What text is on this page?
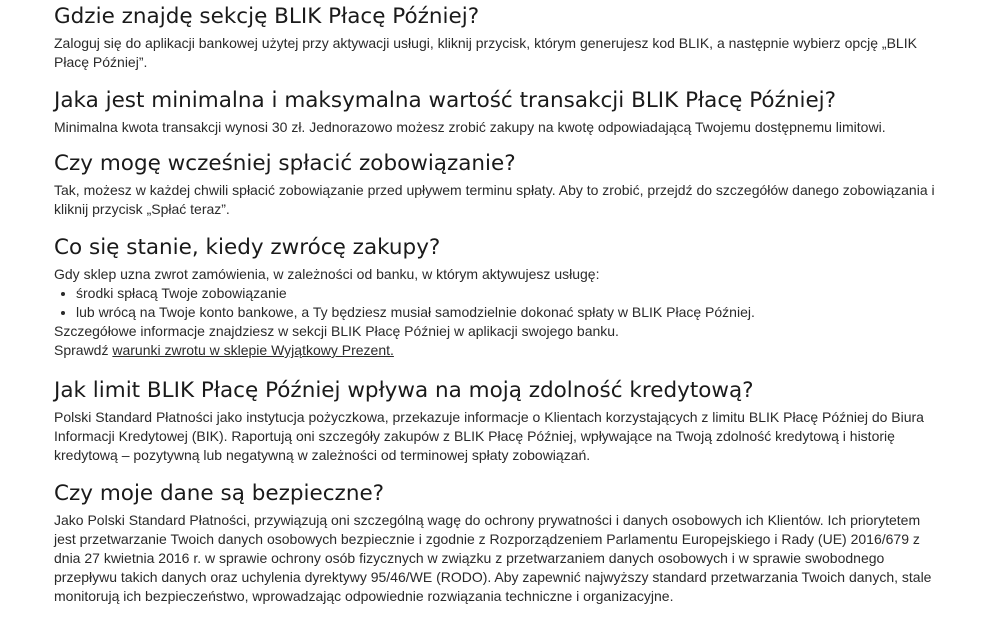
Gdzie znajdę sekcję BLIK Płacę Później?

Zaloguj się do aplikacji bankowej użytej przy aktywacji usługi, kliknij przycisk, którym generujesz kod BLIK, a następnie wybierz opcję „BLIK Płacę Później”.

Jaka jest minimalna i maksymalna wartość transakcji BLIK Płacę Później?

Minimalna kwota transakcji wynosi 30 zł. Jednorazowo możesz zrobić zakupy na kwotę odpowiadającą Twojemu dostępnemu limitowi.

Czy mogę wcześniej spłacić zobowiązanie?

Tak, możesz w każdej chwili spłacić zobowiązanie przed upływem terminu spłaty. Aby to zrobić, przejdź do szczegółów danego zobowiązania i kliknij przycisk „Spłać teraz”.

Co się stanie, kiedy zwrócę zakupy?

Gdy sklep uzna zwrot zamówienia, w zależności od banku, w którym aktywujesz usługę:

• środki spłacą Twoje zobowiązanie
• lub wrócą na Twoje konto bankowe, a Ty będziesz musiał samodzielnie dokonać spłaty w BLIK Płacę Później.

Szczegółowe informacje znajdziesz w sekcji BLIK Płacę Później w aplikacji swojego banku.

Sprawdź warunki zwrotu w sklepie Wyjątkowy Prezent.

Jak limit BLIK Płacę Później wpływa na moją zdolność kredytową?

Polski Standard Płatności jako instytucja pożyczkowa, przekazuje informacje o Klientach korzystających z limitu BLIK Płacę Później do Biura Informacji Kredytowej (BIK). Raportują oni szczegóły zakupów z BLIK Płacę Później, wpływające na Twoją zdolność kredytową i historię kredytową – pozytywną lub negatywną w zależności od terminowej spłaty zobowiązań.

Czy moje dane są bezpieczne?

Jako Polski Standard Płatności, przywiązują oni szczególną wagę do ochrony prywatności i danych osobowych ich Klientów. Ich priorytetem jest przetwarzanie Twoich danych osobowych bezpiecznie i zgodnie z Rozporządzeniem Parlamentu Europejskiego i Rady (UE) 2016/679 z dnia 27 kwietnia 2016 r. w sprawie ochrony osób fizycznych w związku z przetwarzaniem danych osobowych i w sprawie swobodnego przepływu takich danych oraz uchylenia dyrektywy 95/46/WE (RODO). Aby zapewnić najwyższy standard przetwarzania Twoich danych, stale monitorują ich bezpieczeństwo, wprowadzając odpowiednie rozwiązania techniczne i organizacyjne.
